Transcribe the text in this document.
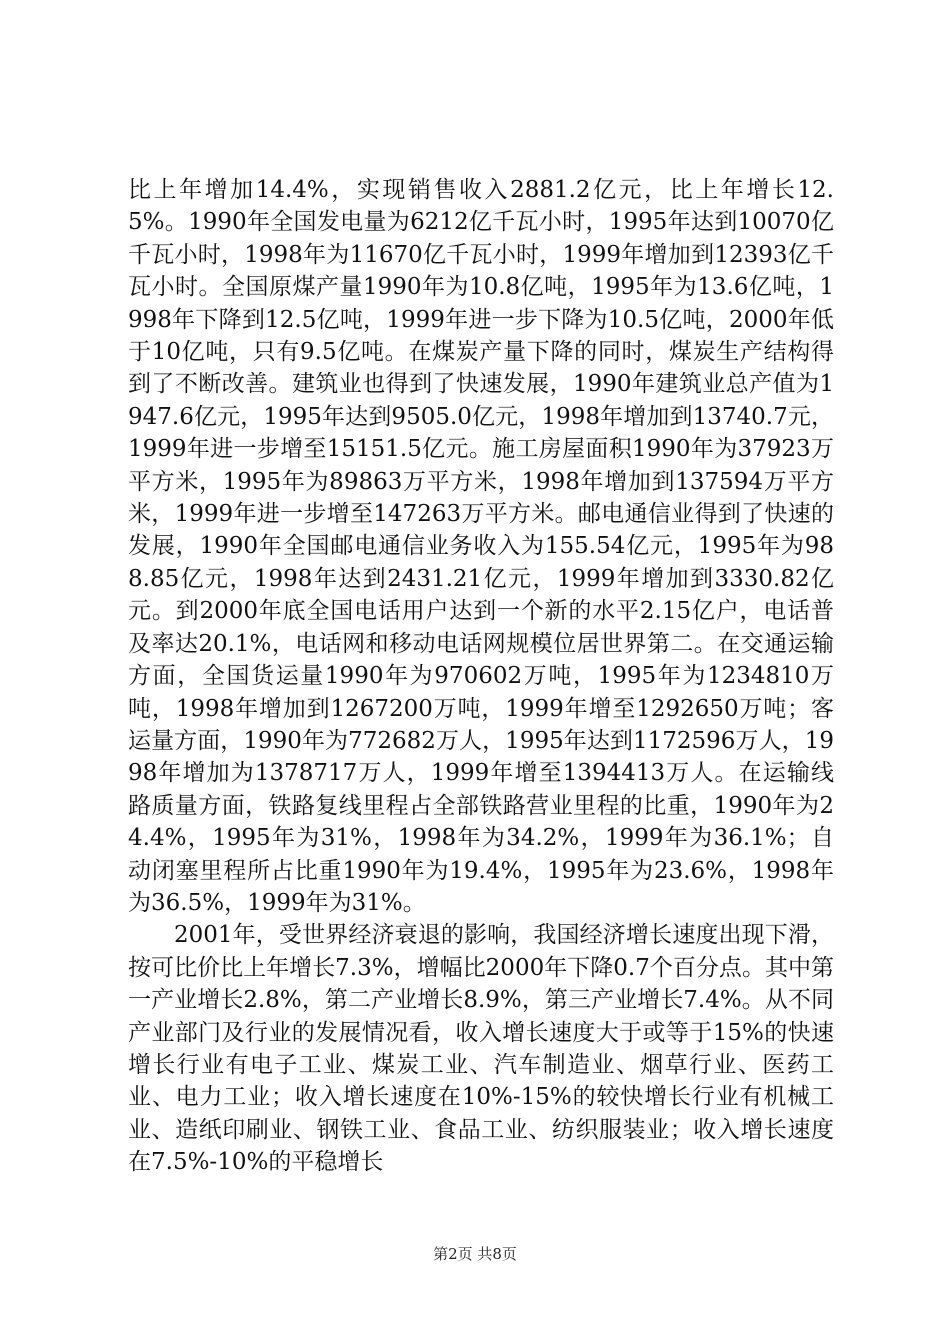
比上年增加14.4%，实现销售收入2881.2亿元，比上年增长12.5%。1990年全国发电量为6212亿千瓦小时，1995年达到10070亿千瓦小时，1998年为11670亿千瓦小时，1999年增加到12393亿千瓦小时。全国原煤产量1990年为10.8亿吨，1995年为13.6亿吨，1998年下降到12.5亿吨，1999年进一步下降为10.5亿吨，2000年低于10亿吨，只有9.5亿吨。在煤炭产量下降的同时，煤炭生产结构得到了不断改善。建筑业也得到了快速发展，1990年建筑业总产值为1947.6亿元，1995年达到9505.0亿元，1998年增加到13740.7元，1999年进一步增至15151.5亿元。施工房屋面积1990年为37923万平方米，1995年为89863万平方米，1998年增加到137594万平方米，1999年进一步增至147263万平方米。邮电通信业得到了快速的发展，1990年全国邮电通信业务收入为155.54亿元，1995年为988.85亿元，1998年达到2431.21亿元，1999年增加到3330.82亿元。到2000年底全国电话用户达到一个新的水平2.15亿户，电话普及率达20.1%，电话网和移动电话网规模位居世界第二。在交通运输方面，全国货运量1990年为970602万吨，1995年为1234810万吨，1998年增加到1267200万吨，1999年增至1292650万吨；客运量方面，1990年为772682万人，1995年达到1172596万人，1998年增加为1378717万人，1999年增至1394413万人。在运输线路质量方面，铁路复线里程占全部铁路营业里程的比重，1990年为24.4%，1995年为31%，1998年为34.2%，1999年为36.1%；自动闭塞里程所占比重1990年为19.4%，1995年为23.6%，1998年为36.5%，1999年为31%。

2001年，受世界经济衰退的影响，我国经济增长速度出现下滑，按可比价比上年增长7.3%，增幅比2000年下降0.7个百分点。其中第一产业增长2.8%，第二产业增长8.9%，第三产业增长7.4%。从不同产业部门及行业的发展情况看，收入增长速度大于或等于15%的快速增长行业有电子工业、煤炭工业、汽车制造业、烟草行业、医药工业、电力工业；收入增长速度在10%-15%的较快增长行业有机械工业、造纸印刷业、钢铁工业、食品工业、纺织服装业；收入增长速度在7.5%-10%的平稳增长

第2页 共8页
